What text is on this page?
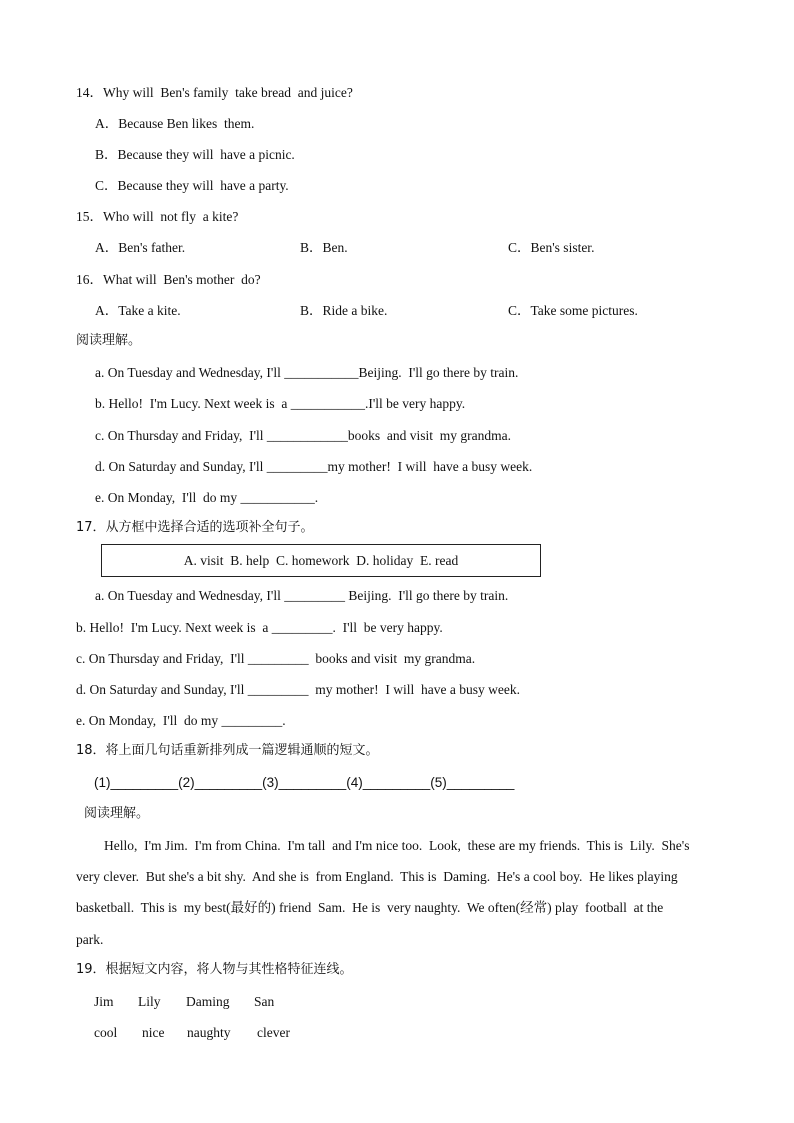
14．Why will  Ben's family  take bread  and juice?
A．Because Ben likes  them.
B．Because they will  have a picnic.
C．Because they will  have a party.
15．Who will  not fly  a kite?
A．Ben's father.	B．Ben.	C．Ben's sister.
16．What will  Ben's mother  do?
A．Take a kite.	B．Ride a bike.	C．Take some pictures.
阅读理解。
a. On Tuesday and Wednesday, I'll ___________Beijing.  I'll go there by train.
b. Hello!  I'm Lucy. Next week is  a ___________.I'll be very happy.
c. On Thursday and Friday,  I'll ____________books  and visit  my grandma.
d. On Saturday and Sunday, I'll _________my mother!  I will  have a busy week.
e. On Monday,  I'll  do my ___________.
17．从方框中选择合适的选项补全句子。
A. visit  B. help  C. homework  D. holiday  E. read
a. On Tuesday and Wednesday, I'll _________ Beijing.  I'll go there by train.
b. Hello!  I'm Lucy. Next week is  a _________.  I'll  be very happy.
c. On Thursday and Friday,  I'll _________  books and visit  my grandma.
d. On Saturday and Sunday, I'll _________  my mother!  I will  have a busy week.
e. On Monday,  I'll  do my _________.
18．将上面几句话重新排列成一篇逻辑通顺的短文。
(1)_________(2)_________(3)_________(4)_________(5)_________
阅读理解。
Hello,  I'm Jim.  I'm from China.  I'm tall  and I'm nice too.  Look,  these are my friends.  This is  Lily.  She's
very clever.  But she's a bit shy.  And she is  from England.  This is  Daming.  He's a cool boy.  He likes playing
basketball.  This is  my best(最好的) friend  Sam.  He is  very naughty.  We often(经常) play  football  at the
park.
19．根据短文内容，将人物与其性格特征连线。
Jim Lily Daming San
cool nice naughty clever
